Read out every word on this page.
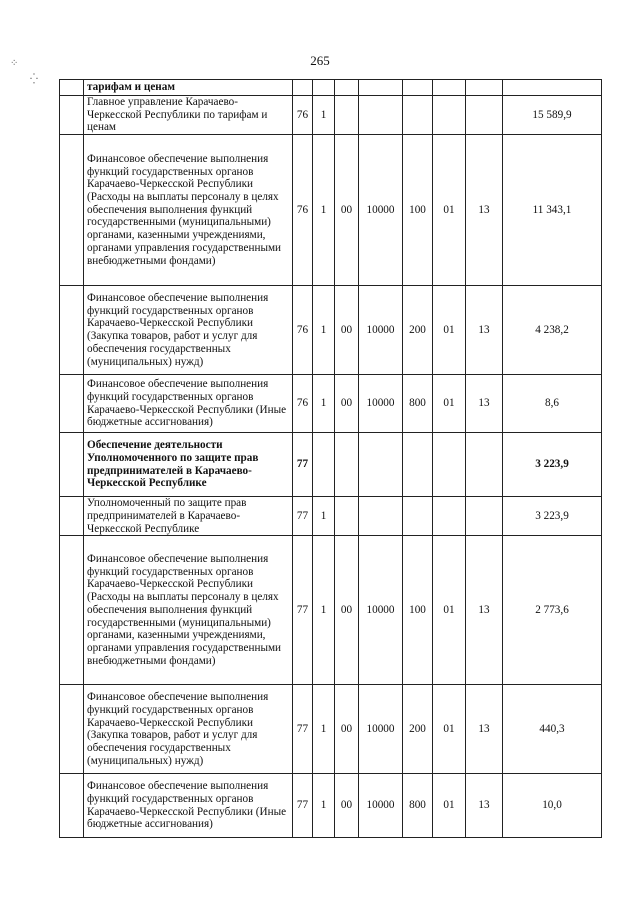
⁘
⁛
265
	тарифам и ценам								
	Главное управление Карачаево-Черкесской Республики по тарифам и ценам	76	1						15 589,9
	Финансовое обеспечение выполнения функций государственных органов Карачаево-Черкесской Республики (Расходы на выплаты персоналу в целях обеспечения выполнения функций государственными (муниципальными) органами, казенными учреждениями, органами управления государственными внебюджетными фондами)	76	1	00	10000	100	01	13	11 343,1
	Финансовое обеспечение выполнения функций государственных органов Карачаево-Черкесской Республики (Закупка товаров, работ и услуг для обеспечения государственных (муниципальных) нужд)	76	1	00	10000	200	01	13	4 238,2
	Финансовое обеспечение выполнения функций государственных органов Карачаево-Черкесской Республики (Иные бюджетные ассигнования)	76	1	00	10000	800	01	13	8,6
	Обеспечение деятельности Уполномоченного по защите прав предпринимателей в Карачаево-Черкесской Республике	77							3 223,9
	Уполномоченный по защите прав предпринимателей в Карачаево-Черкесской Республике	77	1						3 223,9
	Финансовое обеспечение выполнения функций государственных органов Карачаево-Черкесской Республики (Расходы на выплаты персоналу в целях обеспечения выполнения функций государственными (муниципальными) органами, казенными учреждениями, органами управления государственными внебюджетными фондами)	77	1	00	10000	100	01	13	2 773,6
	Финансовое обеспечение выполнения функций государственных органов Карачаево-Черкесской Республики (Закупка товаров, работ и услуг для обеспечения государственных (муниципальных) нужд)	77	1	00	10000	200	01	13	440,3
	Финансовое обеспечение выполнения функций государственных органов Карачаево-Черкесской Республики (Иные бюджетные ассигнования)	77	1	00	10000	800	01	13	10,0
